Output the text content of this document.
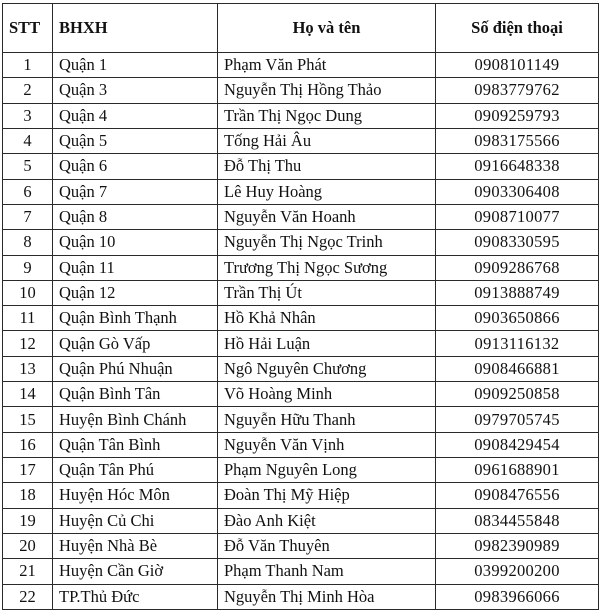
STT	BHXH	Họ và tên	Số điện thoại
1	Quận 1	Phạm Văn Phát	0908101149
2	Quận 3	Nguyễn Thị Hồng Thảo	0983779762
3	Quận 4	Trần Thị Ngọc Dung	0909259793
4	Quận 5	Tống Hải Âu	0983175566
5	Quận 6	Đỗ Thị Thu	0916648338
6	Quận 7	Lê Huy Hoàng	0903306408
7	Quận 8	Nguyễn Văn Hoanh	0908710077
8	Quận 10	Nguyễn Thị Ngọc Trinh	0908330595
9	Quận 11	Trương Thị Ngọc Sương	0909286768
10	Quận 12	Trần Thị Út	0913888749
11	Quận Bình Thạnh	Hồ Khả Nhân	0903650866
12	Quận Gò Vấp	Hồ Hải Luận	0913116132
13	Quận Phú Nhuận	Ngô Nguyên Chương	0908466881
14	Quận Bình Tân	Võ Hoàng Minh	0909250858
15	Huyện Bình Chánh	Nguyễn Hữu Thanh	0979705745
16	Quận Tân Bình	Nguyễn Văn Vịnh	0908429454
17	Quận Tân Phú	Phạm Nguyên Long	0961688901
18	Huyện Hóc Môn	Đoàn Thị Mỹ Hiệp	0908476556
19	Huyện Củ Chi	Đào Anh Kiệt	0834455848
20	Huyện Nhà Bè	Đỗ Văn Thuyên	0982390989
21	Huyện Cần Giờ	Phạm Thanh Nam	0399200200
22	TP.Thủ Đức	Nguyễn Thị Minh Hòa	0983966066
